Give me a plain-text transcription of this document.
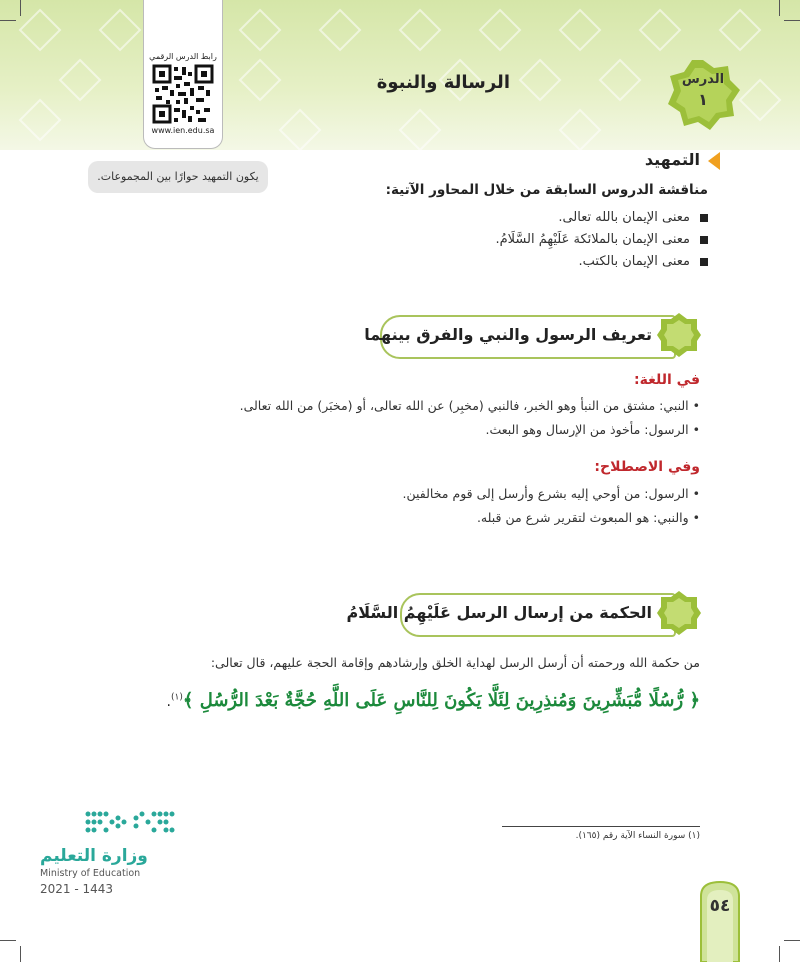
رابط الدرس الرقمي
www.ien.edu.sa
الرسالة والنبوة	الدرس
١
يكون التمهيد حوارًا بين المجموعات.
التمهيد
مناقشة الدروس السابقة من خلال المحاور الآتية:
معنى الإيمان بالله تعالى.
معنى الإيمان بالملائكة عَلَيْهِمُ السَّلَامُ.
معنى الإيمان بالكتب.
تعريف الرسول والنبي والفرق بينهما
في اللغة:
• النبي: مشتق من النبأ وهو الخبر، فالنبي (مخبِر) عن الله تعالى، أو (مخبَر) من الله تعالى.
• الرسول: مأخوذ من الإرسال وهو البعث.
وفي الاصطلاح:
• الرسول: من أوحي إليه بشرع وأرسل إلى قوم مخالفين.
• والنبي: هو المبعوث لتقرير شرع من قبله.
الحكمة من إرسال الرسل عَلَيْهِمُ السَّلَامُ
من حكمة الله ورحمته أن أرسل الرسل لهداية الخلق وإرشادهم وإقامة الحجة عليهم، قال تعالى:
﴿ رُّسُلًا مُّبَشِّرِينَ وَمُنذِرِينَ لِئَلَّا يَكُونَ لِلنَّاسِ عَلَى اللَّهِ حُجَّةٌ بَعْدَ الرُّسُلِ ﴾$^{(١)}$.
(١) سورة النساء الآية رقم (١٦٥).
وزارة التعليم
Ministry of Education
2021 - 1443
٥٤
